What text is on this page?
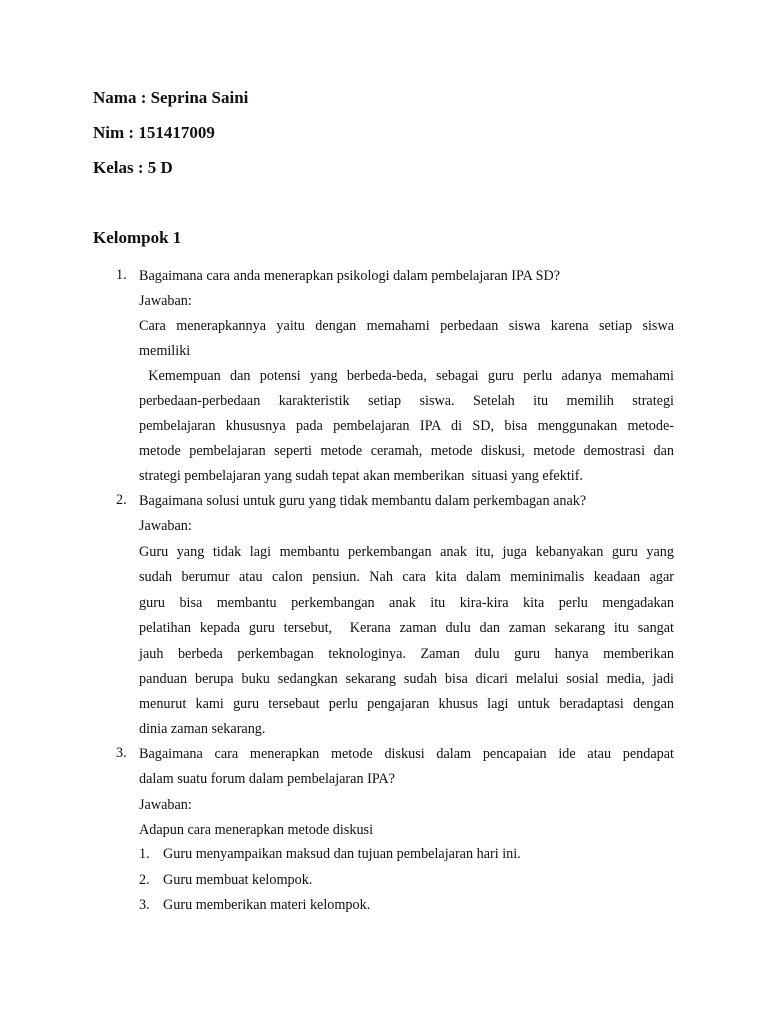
Nama : Seprina Saini
Nim : 151417009
Kelas : 5 D
Kelompok 1
1. Bagaimana cara anda menerapkan psikologi dalam pembelajaran IPA SD?
Jawaban:
Cara menerapkannya yaitu dengan memahami perbedaan siswa karena setiap siswa
memiliki
Kemempuan dan potensi yang berbeda-beda, sebagai guru perlu adanya memahami
perbedaan-perbedaan karakteristik setiap siswa. Setelah itu memilih strategi
pembelajaran khususnya pada pembelajaran IPA di SD, bisa menggunakan metode-
metode pembelajaran seperti metode ceramah, metode diskusi, metode demostrasi dan
strategi pembelajaran yang sudah tepat akan memberikan  situasi yang efektif.
2. Bagaimana solusi untuk guru yang tidak membantu dalam perkembagan anak?
Jawaban:
Guru yang tidak lagi membantu perkembangan anak itu, juga kebanyakan guru yang
sudah berumur atau calon pensiun. Nah cara kita dalam meminimalis keadaan agar
guru bisa membantu perkembangan anak itu kira-kira kita perlu mengadakan
pelatihan kepada guru tersebut,  Kerana zaman dulu dan zaman sekarang itu sangat
jauh berbeda perkembagan teknologinya. Zaman dulu guru hanya memberikan
panduan berupa buku sedangkan sekarang sudah bisa dicari melalui sosial media, jadi
menurut kami guru tersebaut perlu pengajaran khusus lagi untuk beradaptasi dengan
dinia zaman sekarang.
3. Bagaimana cara menerapkan metode diskusi dalam pencapaian ide atau pendapat
dalam suatu forum dalam pembelajaran IPA?
Jawaban:
Adapun cara menerapkan metode diskusi
1. Guru menyampaikan maksud dan tujuan pembelajaran hari ini.
2. Guru membuat kelompok.
3. Guru memberikan materi kelompok.
